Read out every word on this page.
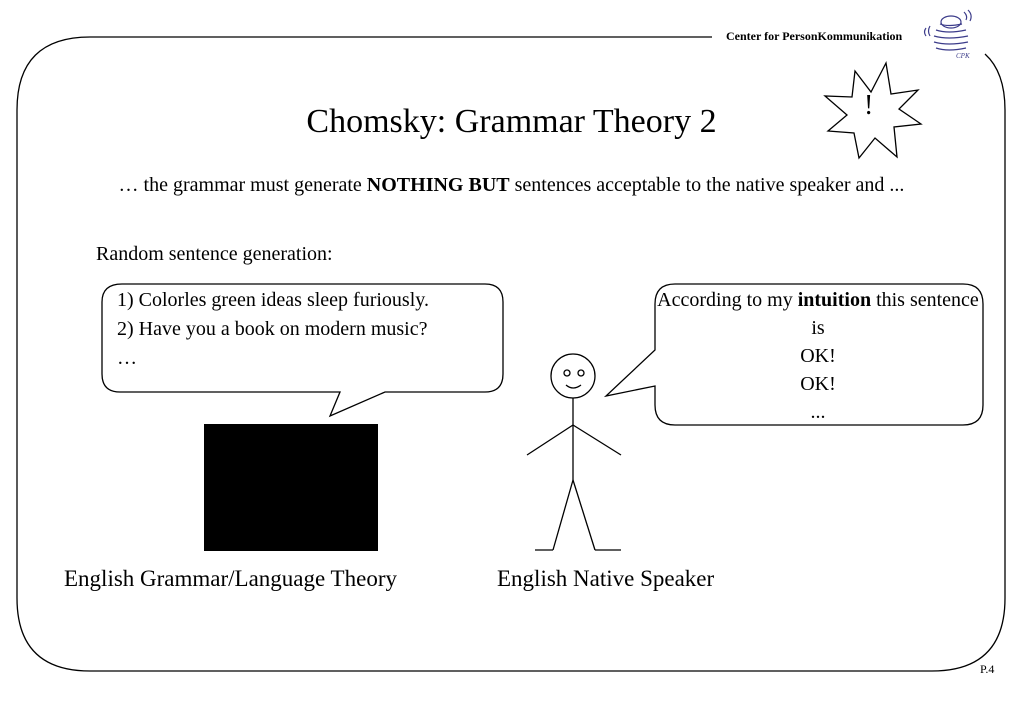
Center for PersonKommunikation
CPK
!
Chomsky: Grammar Theory 2
… the grammar must generate NOTHING BUT sentences acceptable to the native speaker and ...
Random sentence generation:
1) Colorles green ideas sleep furiously.
2) Have you a book on modern music?
…
According to my intuition this sentence is
OK!
OK!
...
English Grammar/Language Theory	English Native Speaker
P.4
